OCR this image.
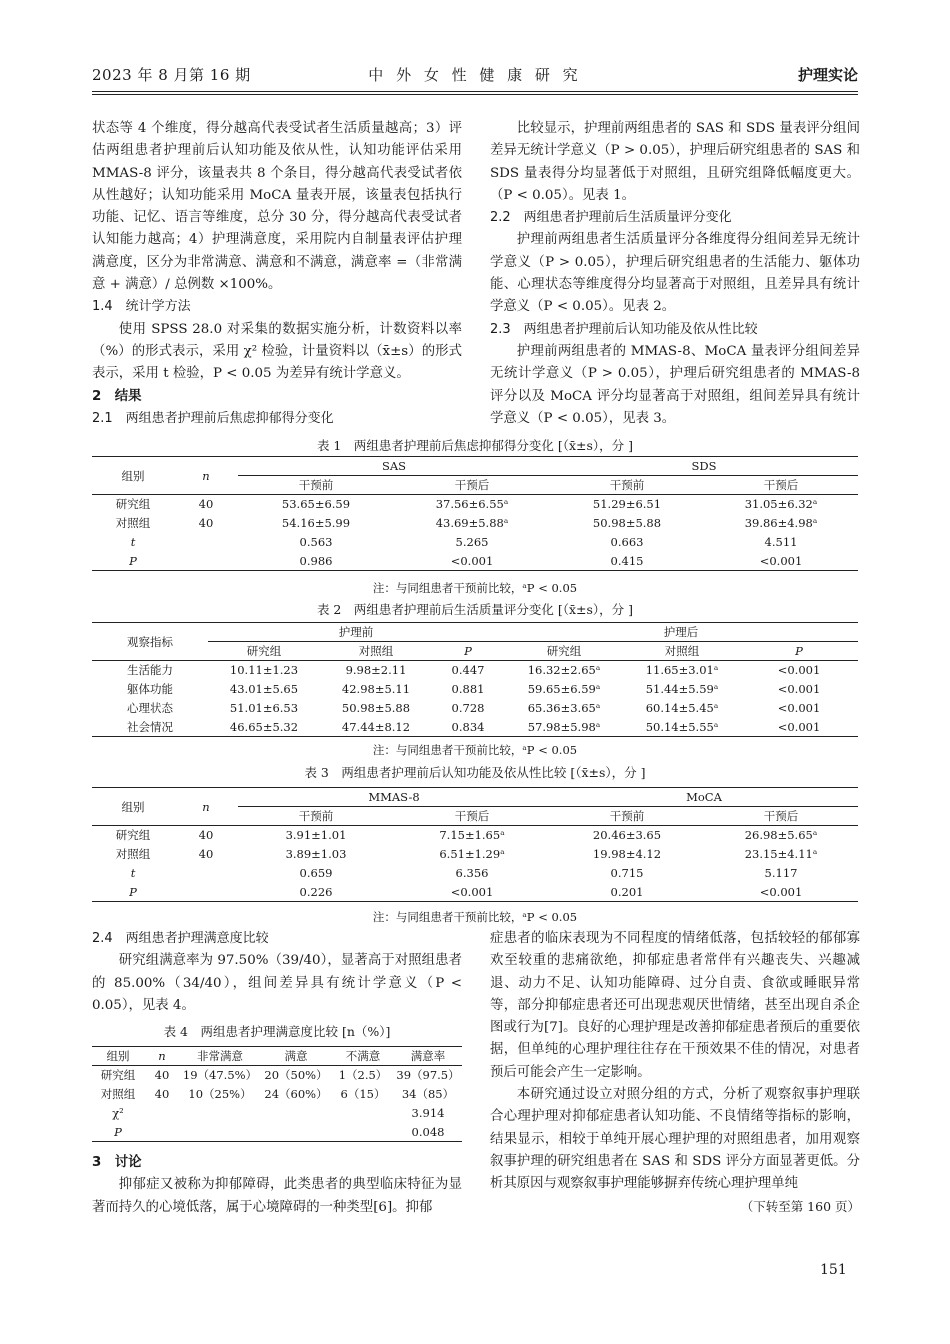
2023 年 8 月第 16 期	中 外 女 性 健 康 研 究	护理实论

状态等 4 个维度，得分越高代表受试者生活质量越高；3）评估两组患者护理前后认知功能及依从性，认知功能评估采用 MMAS-8 评分，该量表共 8 个条目，得分越高代表受试者依从性越好；认知功能采用 MoCA 量表开展，该量表包括执行功能、记忆、语言等维度，总分 30 分，得分越高代表受试者认知能力越高；4）护理满意度，采用院内自制量表评估护理满意度，区分为非常满意、满意和不满意，满意率 =（非常满意 + 满意）/ 总例数 ×100%。

1.4　统计学方法

使用 SPSS 28.0 对采集的数据实施分析，计数资料以率（%）的形式表示，采用 χ² 检验，计量资料以（x̄±s）的形式表示，采用 t 检验，P < 0.05 为差异有统计学意义。

2　结果

2.1　两组患者护理前后焦虑抑郁得分变化

比较显示，护理前两组患者的 SAS 和 SDS 量表评分组间差异无统计学意义（P > 0.05），护理后研究组患者的 SAS 和 SDS 量表得分均显著低于对照组，且研究组降低幅度更大。（P < 0.05）。见表 1。

2.2　两组患者护理前后生活质量评分变化

护理前两组患者生活质量评分各维度得分组间差异无统计学意义（P > 0.05），护理后研究组患者的生活能力、躯体功能、心理状态等维度得分均显著高于对照组，且差异具有统计学意义（P < 0.05）。见表 2。

2.3　两组患者护理前后认知功能及依从性比较

护理前两组患者的 MMAS-8、MoCA 量表评分组间差异无统计学意义（P > 0.05），护理后研究组患者的 MMAS-8 评分以及 MoCA 评分均显著高于对照组，组间差异具有统计学意义（P < 0.05），见表 3。

表 1　两组患者护理前后焦虑抑郁得分变化 [（x̄±s），分 ]
组别	n	SAS		SDS	
		干预前	干预后	干预前	干预后
研究组	40	53.65±6.59	37.56±6.55ᵃ	51.29±6.51	31.05±6.32ᵃ
对照组	40	54.16±5.99	43.69±5.88ᵃ	50.98±5.88	39.86±4.98ᵃ
t		0.563	5.265	0.663	4.511
P		0.986	<0.001	0.415	<0.001
注：与同组患者干预前比较，ᵃP < 0.05
表 2　两组患者护理前后生活质量评分变化 [（x̄±s），分 ]
观察指标	护理前			护理后		
	研究组	对照组	P	研究组	对照组	P
生活能力	10.11±1.23	9.98±2.11	0.447	16.32±2.65ᵃ	11.65±3.01ᵃ	<0.001
躯体功能	43.01±5.65	42.98±5.11	0.881	59.65±6.59ᵃ	51.44±5.59ᵃ	<0.001
心理状态	51.01±6.53	50.98±5.88	0.728	65.36±3.65ᵃ	60.14±5.45ᵃ	<0.001
社会情况	46.65±5.32	47.44±8.12	0.834	57.98±5.98ᵃ	50.14±5.55ᵃ	<0.001
注：与同组患者干预前比较，ᵃP < 0.05
表 3　两组患者护理前后认知功能及依从性比较 [（x̄±s），分 ]
组别	n	MMAS-8		MoCA	
		干预前	干预后	干预前	干预后
研究组	40	3.91±1.01	7.15±1.65ᵃ	20.46±3.65	26.98±5.65ᵃ
对照组	40	3.89±1.03	6.51±1.29ᵃ	19.98±4.12	23.15±4.11ᵃ
t		0.659	6.356	0.715	5.117
P		0.226	<0.001	0.201	<0.001
注：与同组患者干预前比较，ᵃP < 0.05

2.4　两组患者护理满意度比较

研究组满意率为 97.50%（39/40），显著高于对照组患者的 85.00%（34/40），组间差异具有统计学意义（P < 0.05），见表 4。

表 4　两组患者护理满意度比较 [n（%）]
组别	n	非常满意	满意	不满意	满意率
研究组	40	19（47.5%）	20（50%）	1（2.5）	39（97.5）
对照组	40	10（25%）	24（60%）	6（15）	34（85）
χ²					3.914
P					0.048

3　讨论

抑郁症又被称为抑郁障碍，此类患者的典型临床特征为显著而持久的心境低落，属于心境障碍的一种类型[6]。抑郁

症患者的临床表现为不同程度的情绪低落，包括较轻的郁郁寡欢至较重的悲痛欲绝，抑郁症患者常伴有兴趣丧失、兴趣减退、动力不足、认知功能障碍、过分自责、食欲或睡眠异常等，部分抑郁症患者还可出现悲观厌世情绪，甚至出现自杀企图或行为[7]。良好的心理护理是改善抑郁症患者预后的重要依据，但单纯的心理护理往往存在干预效果不佳的情况，对患者预后可能会产生一定影响。

本研究通过设立对照分组的方式，分析了观察叙事护理联合心理护理对抑郁症患者认知功能、不良情绪等指标的影响，结果显示，相较于单纯开展心理护理的对照组患者，加用观察叙事护理的研究组患者在 SAS 和 SDS 评分方面显著更低。分析其原因与观察叙事护理能够摒弃传统心理护理单纯

（下转至第 160 页）

151
